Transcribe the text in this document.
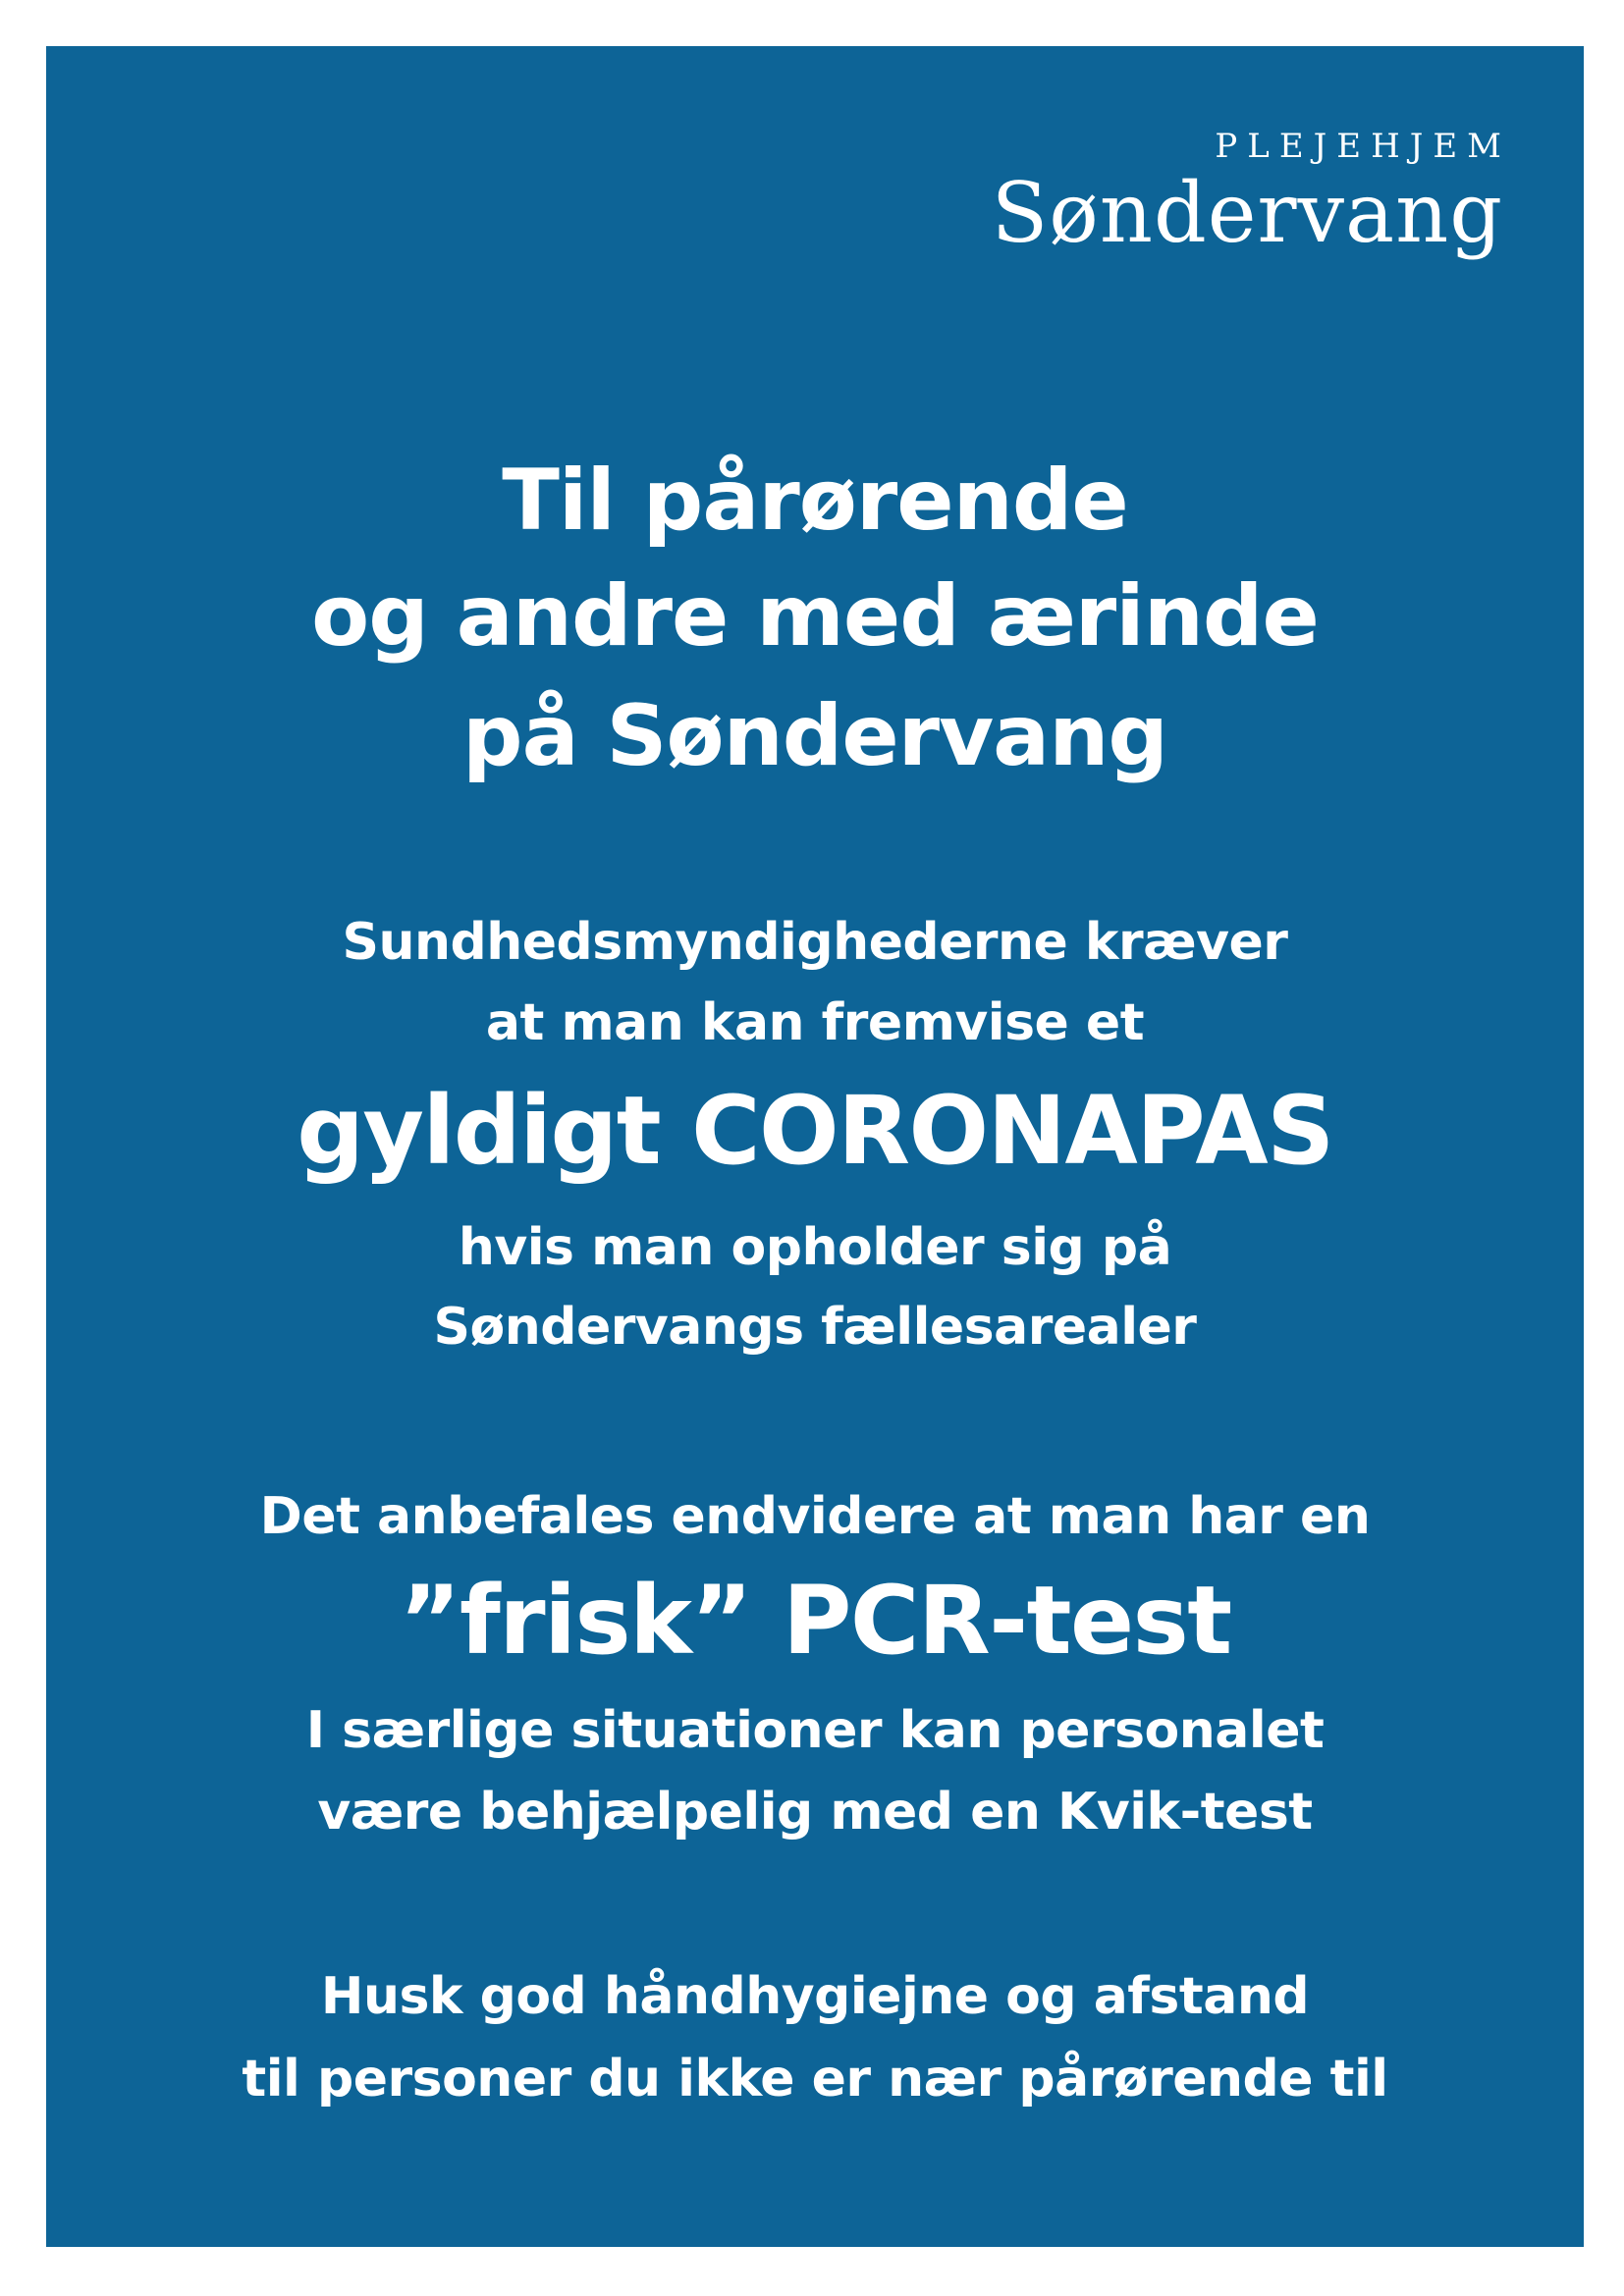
PLEJEHJEM
Søndervang
Til pårørende
og andre med ærinde
på Søndervang
Sundhedsmyndighederne kræver
at man kan fremvise et
gyldigt CORONAPAS
hvis man opholder sig på
Søndervangs fællesarealer
Det anbefales endvidere at man har en
”frisk” PCR-test
I særlige situationer kan personalet
være behjælpelig med en Kvik-test
Husk god håndhygiejne og afstand
til personer du ikke er nær pårørende til
